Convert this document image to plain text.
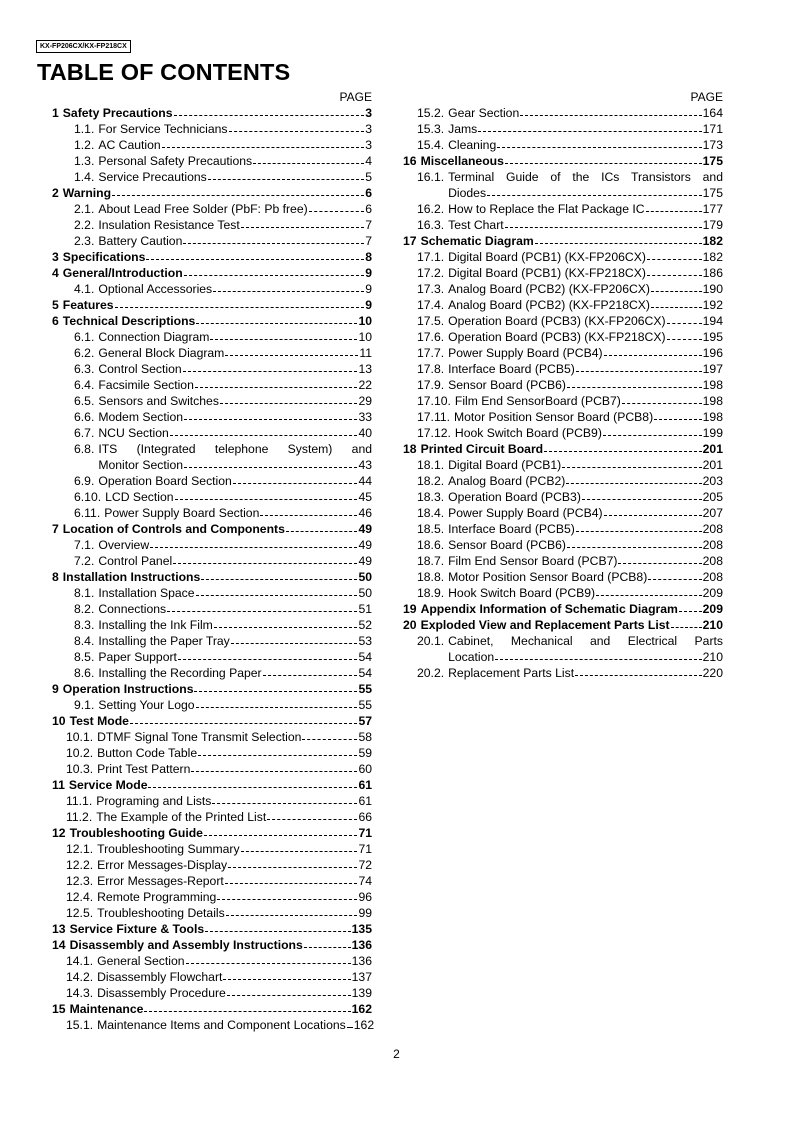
KX-FP206CX/KX-FP218CX
TABLE OF CONTENTS
PAGE
1 Safety Precautions	3
1.1. For Service Technicians	3
1.2. AC Caution	3
1.3. Personal Safety Precautions	4
1.4. Service Precautions	5
2 Warning	6
2.1. About Lead Free Solder (PbF: Pb free)	6
2.2. Insulation Resistance Test	7
2.3. Battery Caution	7
3 Specifications	8
4 General/Introduction	9
4.1. Optional Accessories	9
5 Features	9
6 Technical Descriptions	10
6.1. Connection Diagram	10
6.2. General Block Diagram	11
6.3. Control Section	13
6.4. Facsimile Section	22
6.5. Sensors and Switches	29
6.6. Modem Section	33
6.7. NCU Section	40
6.8. ITS (Integrated telephone System) and
Monitor Section	43
6.9. Operation Board Section	44
6.10. LCD Section	45
6.11. Power Supply Board Section	46
7 Location of Controls and Components	49
7.1. Overview	49
7.2. Control Panel	49
8 Installation Instructions	50
8.1. Installation Space	50
8.2. Connections	51
8.3. Installing the Ink Film	52
8.4. Installing the Paper Tray	53
8.5. Paper Support	54
8.6. Installing the Recording Paper	54
9 Operation Instructions	55
9.1. Setting Your Logo	55
10 Test Mode	57
10.1. DTMF Signal Tone Transmit Selection	58
10.2. Button Code Table	59
10.3. Print Test Pattern	60
11 Service Mode	61
11.1. Programing and Lists	61
11.2. The Example of the Printed List	66
12 Troubleshooting Guide	71
12.1. Troubleshooting Summary	71
12.2. Error Messages-Display	72
12.3. Error Messages-Report	74
12.4. Remote Programming	96
12.5. Troubleshooting Details	99
13 Service Fixture & Tools	135
14 Disassembly and Assembly Instructions	136
14.1. General Section	136
14.2. Disassembly Flowchart	137
14.3. Disassembly Procedure	139
15 Maintenance	162
15.1. Maintenance Items and Component Locations 162
PAGE
15.2. Gear Section	164
15.3. Jams	171
15.4. Cleaning	173
16 Miscellaneous	175
16.1. Terminal Guide of the ICs Transistors and
Diodes	175
16.2. How to Replace the Flat Package IC	177
16.3. Test Chart	179
17 Schematic Diagram	182
17.1. Digital Board (PCB1) (KX-FP206CX)	182
17.2. Digital Board (PCB1) (KX-FP218CX)	186
17.3. Analog Board (PCB2) (KX-FP206CX)	190
17.4. Analog Board (PCB2) (KX-FP218CX)	192
17.5. Operation Board (PCB3) (KX-FP206CX)	194
17.6. Operation Board (PCB3) (KX-FP218CX)	195
17.7. Power Supply Board (PCB4)	196
17.8. Interface Board (PCB5)	197
17.9. Sensor Board (PCB6)	198
17.10. Film End SensorBoard (PCB7)	198
17.11. Motor Position Sensor Board (PCB8)	198
17.12. Hook Switch Board (PCB9)	199
18 Printed Circuit Board	201
18.1. Digital Board (PCB1)	201
18.2. Analog Board (PCB2)	203
18.3. Operation Board (PCB3)	205
18.4. Power Supply Board (PCB4)	207
18.5. Interface Board (PCB5)	208
18.6. Sensor Board (PCB6)	208
18.7. Film End Sensor Board (PCB7)	208
18.8. Motor Position Sensor Board (PCB8)	208
18.9. Hook Switch Board (PCB9)	209
19 Appendix Information of Schematic Diagram 209
20 Exploded View and Replacement Parts List	210
20.1. Cabinet, Mechanical and Electrical Parts
Location	210
20.2. Replacement Parts List	220
2
